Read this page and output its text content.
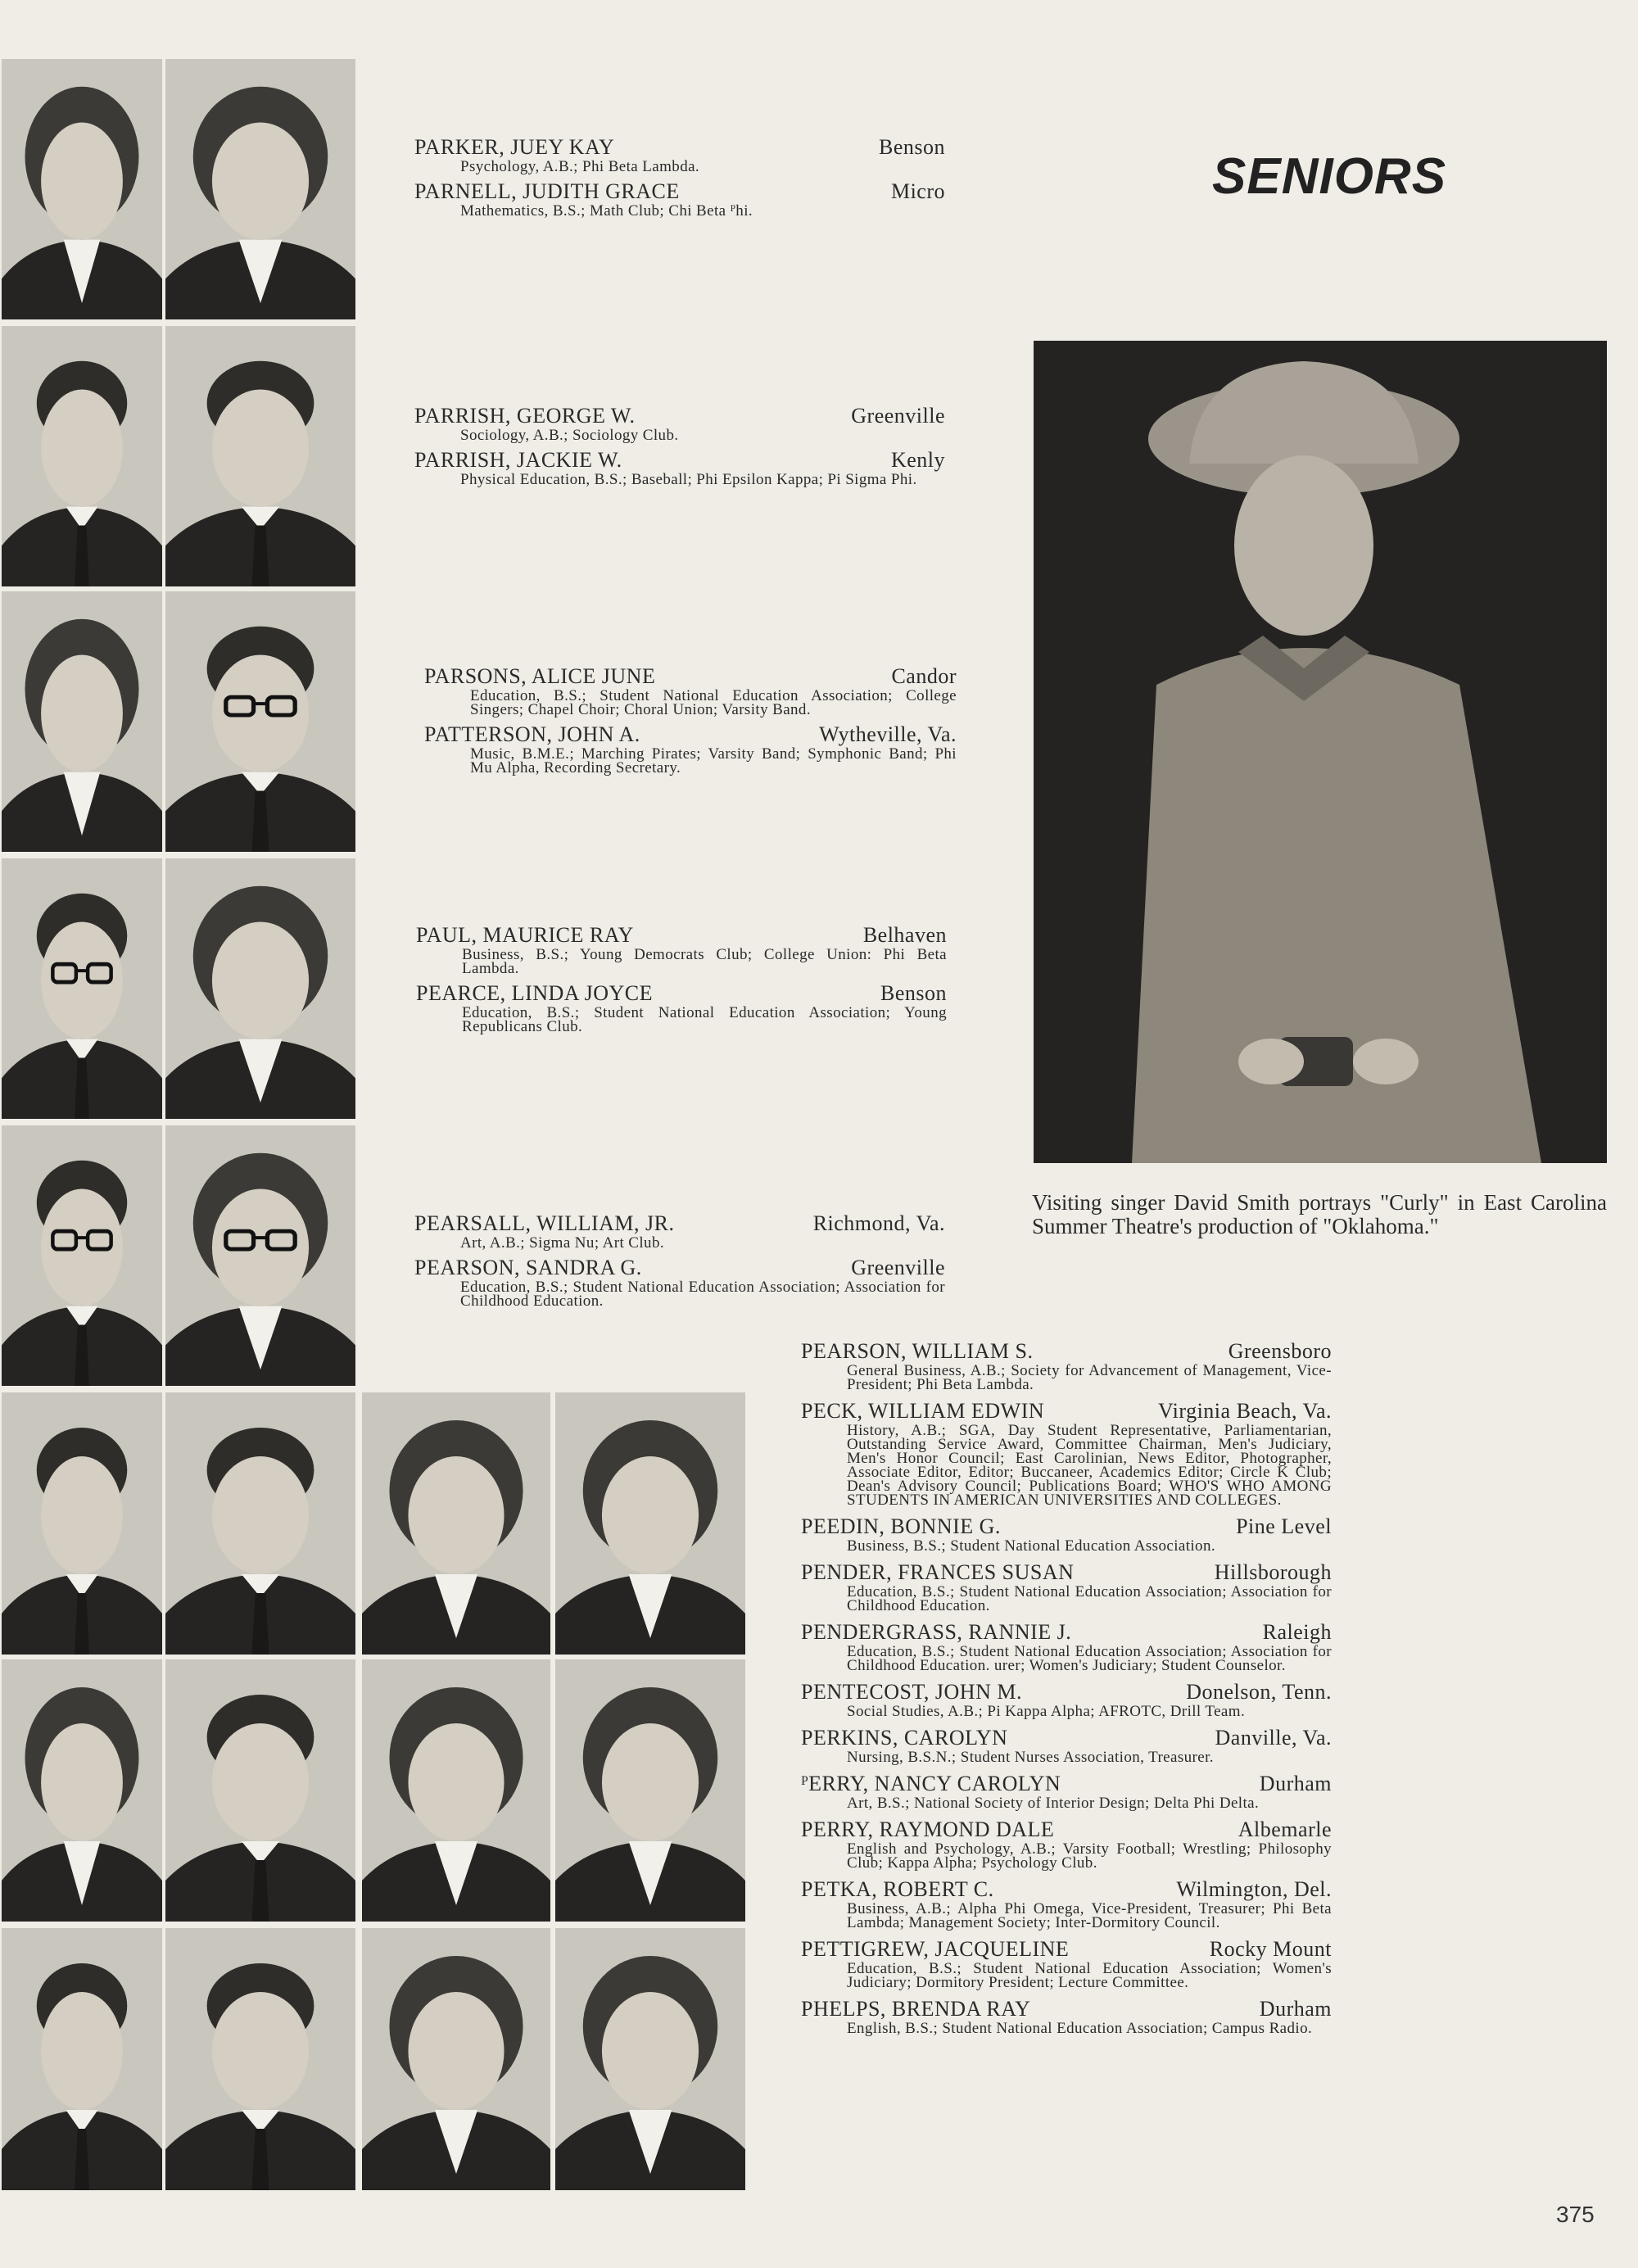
SENIORS
PARKER, JUEY KAY	Benson
Psychology, A.B.; Phi Beta Lambda.
PARNELL, JUDITH GRACE	Micro
Mathematics, B.S.; Math Club; Chi Beta ᴾhi.
PARRISH, GEORGE W.	Greenville
Sociology, A.B.; Sociology Club.
PARRISH, JACKIE W.	Kenly
Physical Education, B.S.; Baseball; Phi Epsilon Kappa; Pi Sigma Phi.
PARSONS, ALICE JUNE	Candor
Education, B.S.; Student National Education Association; College Singers; Chapel Choir; Choral Union; Varsity Band.
PATTERSON, JOHN A.	Wytheville, Va.
Music, B.M.E.; Marching Pirates; Varsity Band; Symphonic Band; Phi Mu Alpha, Recording Secretary.
PAUL, MAURICE RAY	Belhaven
Business, B.S.; Young Democrats Club; College Union: Phi Beta Lambda.
PEARCE, LINDA JOYCE	Benson
Education, B.S.; Student National Education Association; Young Republicans Club.
PEARSALL, WILLIAM, JR.	Richmond, Va.
Art, A.B.; Sigma Nu; Art Club.
PEARSON, SANDRA G.	Greenville
Education, B.S.; Student National Education Association; Association for Childhood Education.
Visiting singer David Smith portrays "Curly" in East Carolina Summer Theatre's production of "Oklahoma."
PEARSON, WILLIAM S.	Greensboro
General Business, A.B.; Society for Advancement of Management, Vice-President; Phi Beta Lambda.
PECK, WILLIAM EDWIN	Virginia Beach, Va.
History, A.B.; SGA, Day Student Representative, Parliamentarian, Outstanding Service Award, Committee Chairman, Men's Judiciary, Men's Honor Council; East Carolinian, News Editor, Photographer, Associate Editor, Editor; Buccaneer, Academics Editor; Circle K Club; Dean's Advisory Council; Publications Board; WHO'S WHO AMONG STUDENTS IN AMERICAN UNIVERSITIES AND COLLEGES.
PEEDIN, BONNIE G.	Pine Level
Business, B.S.; Student National Education Association.
PENDER, FRANCES SUSAN	Hillsborough
Education, B.S.; Student National Education Association; Association for Childhood Education.
PENDERGRASS, RANNIE J.	Raleigh
Education, B.S.; Student National Education Association; Association for Childhood Education. urer; Women's Judiciary; Student Counselor.
PENTECOST, JOHN M.	Donelson, Tenn.
Social Studies, A.B.; Pi Kappa Alpha; AFROTC, Drill Team.
PERKINS, CAROLYN	Danville, Va.
Nursing, B.S.N.; Student Nurses Association, Treasurer.
ᴾERRY, NANCY CAROLYN	Durham
Art, B.S.; National Society of Interior Design; Delta Phi Delta.
PERRY, RAYMOND DALE	Albemarle
English and Psychology, A.B.; Varsity Football; Wrestling; Philosophy Club; Kappa Alpha; Psychology Club.
PETKA, ROBERT C.	Wilmington, Del.
Business, A.B.; Alpha Phi Omega, Vice-President, Treasurer; Phi Beta Lambda; Management Society; Inter-Dormitory Council.
PETTIGREW, JACQUELINE	Rocky Mount
Education, B.S.; Student National Education Association; Women's Judiciary; Dormitory President; Lecture Committee.
PHELPS, BRENDA RAY	Durham
English, B.S.; Student National Education Association; Campus Radio.
375
